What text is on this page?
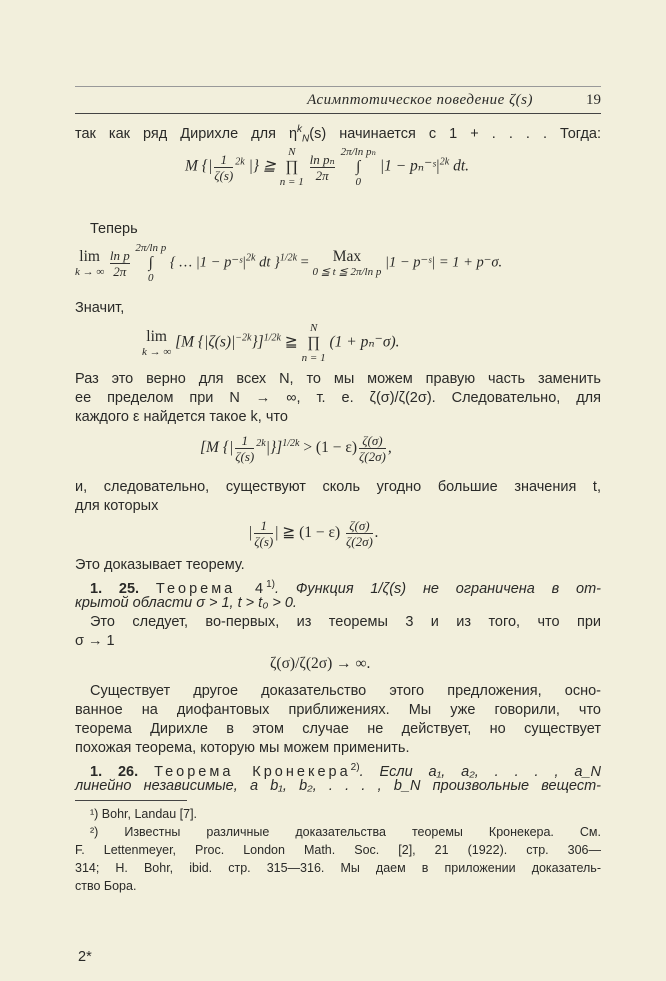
Асимптотическое поведение ζ(s)	19
так как ряд Дирихле для $\eta^k_N(s)$ начинается с 1 + . . . . Тогда:
M {| $\frac{1}{\zeta(s)} ^{2k}$ |} ≧
N
∏
n = 1
$\frac{\text{ln pₙ}}{2\pi}$
2π/ln pₙ
∫
0
$|1 - p_n^-ˢ|^{2k}$ dt.
Теперь
lim
k → ∞
$\frac{\text{ln p}}{2\pi}$
2π/ln p
∫
0
{ … $|1 - p^-ˢ|^{2k}$ dt }$^{1/2k}$ =	Max
0 ≦ t ≦ 2π/ln p
|1 − p⁻ˢ| = 1 + p⁻σ.
Значит,
lim
k → ∞
[M $\{|\zeta(s)|^{-2k}\}]^{1/2k}$ ≧
N
∏
n = 1
(1 + pₙ⁻σ).
Раз это верно для всех N, то мы можем правую часть заменить
ее пределом при N → ∞, т. е. ζ(σ)/ζ(2σ). Следовательно, для
каждого ε найдется такое k, что
[M {| $\frac{1}{\zeta(s)} ^{2k}|\}]^{1/2k} > (1 - \varepsilon) \frac{\zeta(\sigma)}{\zeta(2\sigma)}$ ,
и, следовательно, существуют сколь угодно большие значения t,
для которых
| $\frac{1}{\zeta(s)}$ | ≧ $(1 - \varepsilon) \frac{\zeta(\sigma)}{\zeta(2\sigma)}$ .
Это доказывает теорему.
1. 25. Теорема 4$^{1)}$. Функция 1/ζ(s) не ограничена в от-
крытой области σ > 1, t > t₀ > 0.
Это следует, во-первых, из теоремы 3 и из того, что при
σ → 1
ζ(σ)/ζ(2σ) → ∞.
Существует другое доказательство этого предложения, осно-
ванное на диофантовых приближениях. Мы уже говорили, что
теорема Дирихле в этом случае не действует, но существует
похожая теорема, которую мы можем применить.
1. 26. Теорема Кронекера$^{2)}$. Если a₁, a₂, . . . , a_N
линейно независимые, а b₁, b₂, . . . , b_N произвольные вещест-
¹) Bohr, Landau [7].
²) Известны различные доказательства теоремы Кронекера. См.
F. Lettenmeyer, Proc. London Math. Soc. [2], 21 (1922). стр. 306—
314; H. Bohr, ibid. стр. 315—316. Мы даем в приложении доказатель-
ство Бора.
2*
